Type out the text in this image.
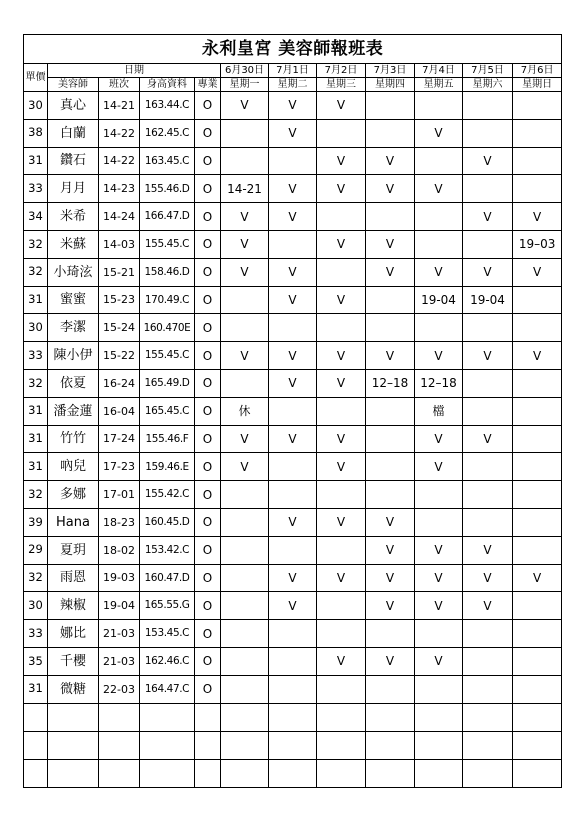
永利皇宮 美容師報班表											
單價	日期				6月30日	7月1日	7月2日	7月3日	7月4日	7月5日	7月6日
	美容師	班次	身高資料	專業	星期一	星期二	星期三	星期四	星期五	星期六	星期日
30	真心	14-21	163.44.C	O	V	V	V				
38	白蘭	14-22	162.45.C	O		V			V		
31	鑽石	14-22	163.45.C	O			V	V		V	
33	月月	14-23	155.46.D	O	14-21	V	V	V	V		
34	米希	14-24	166.47.D	O	V	V				V	V
32	米蘇	14-03	155.45.C	O	V		V	V			19–03
32	小琦泫	15-21	158.46.D	O	V	V		V	V	V	V
31	蜜蜜	15-23	170.49.C	O		V	V		19-04	19-04	
30	李潔	15-24	160.470E	O							
33	陳小伊	15-22	155.45.C	O	V	V	V	V	V	V	V
32	依夏	16-24	165.49.D	O		V	V	12–18	12–18		
31	潘金蓮	16-04	165.45.C	O	休				檔		
31	竹竹	17-24	155.46.F	O	V	V	V		V	V	
31	吶兒	17-23	159.46.E	O	V		V		V		
32	多娜	17-01	155.42.C	O							
39	Hana	18-23	160.45.D	O		V	V	V			
29	夏玥	18-02	153.42.C	O				V	V	V	
32	雨恩	19-03	160.47.D	O		V	V	V	V	V	V
30	辣椒	19-04	165.55.G	O		V		V	V	V	
33	娜比	21-03	153.45.C	O							
35	千櫻	21-03	162.46.C	O			V	V	V		
31	微糖	22-03	164.47.C	O							
